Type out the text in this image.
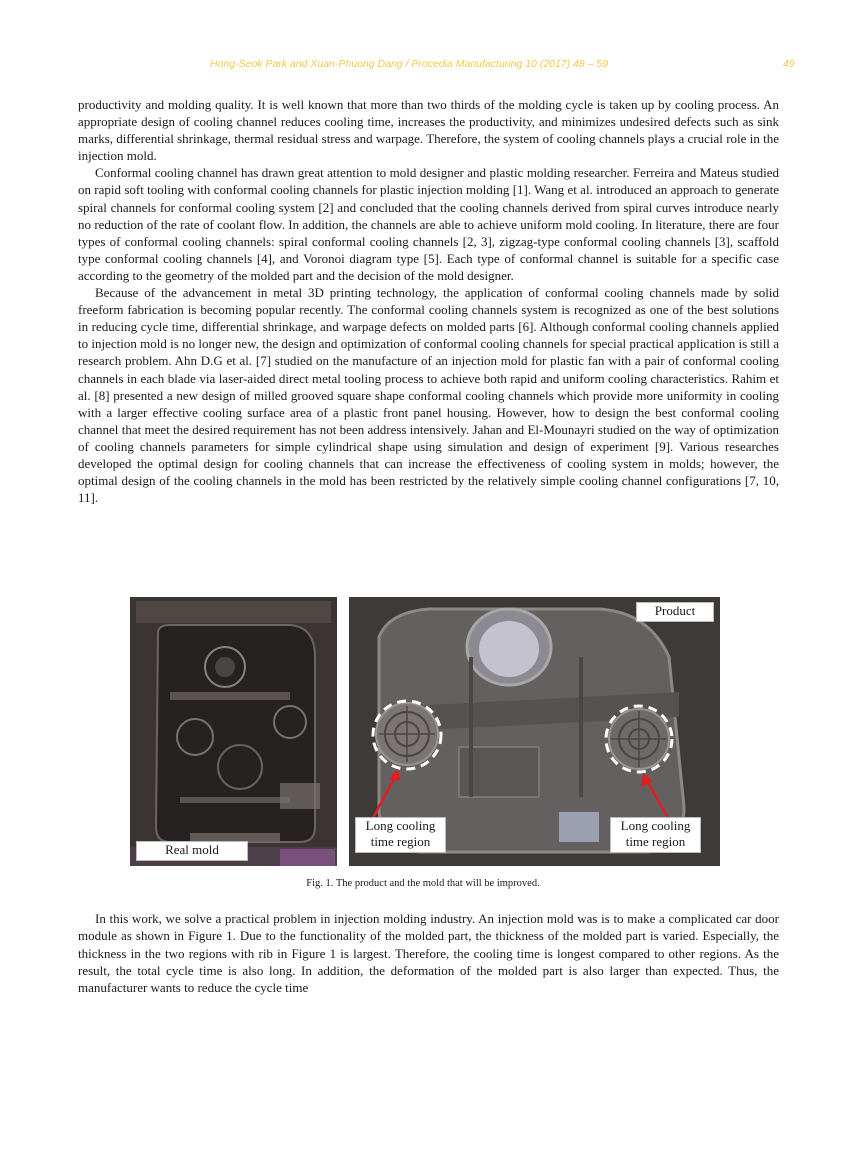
Hong-Seok Park and Xuan-Phuong Dang / Procedia Manufacturing 10 (2017) 48 – 59	49

productivity and molding quality. It is well known that more than two thirds of the molding cycle is taken up by cooling process. An appropriate design of cooling channel reduces cooling time, increases the productivity, and minimizes undesired defects such as sink marks, differential shrinkage, thermal residual stress and warpage. Therefore, the system of cooling channels plays a crucial role in the injection mold.

Conformal cooling channel has drawn great attention to mold designer and plastic molding researcher. Ferreira and Mateus studied on rapid soft tooling with conformal cooling channels for plastic injection molding [1]. Wang et al. introduced an approach to generate spiral channels for conformal cooling system [2] and concluded that the cooling channels derived from spiral curves introduce nearly no reduction of the rate of coolant flow. In addition, the channels are able to achieve uniform mold cooling. In literature, there are four types of conformal cooling channels: spiral conformal cooling channels [2, 3], zigzag-type conformal cooling channels [3], scaffold type conformal cooling channels [4], and Voronoi diagram type [5]. Each type of conformal channel is suitable for a specific case according to the geometry of the molded part and the decision of the mold designer.

Because of the advancement in metal 3D printing technology, the application of conformal cooling channels made by solid freeform fabrication is becoming popular recently. The conformal cooling channels system is recognized as one of the best solutions in reducing cycle time, differential shrinkage, and warpage defects on molded parts [6]. Although conformal cooling channels applied to injection mold is no longer new, the design and optimization of conformal cooling channels for special practical application is still a research problem. Ahn D.G et al. [7] studied on the manufacture of an injection mold for plastic fan with a pair of conformal cooling channels in each blade via laser-aided direct metal tooling process to achieve both rapid and uniform cooling characteristics. Rahim et al. [8] presented a new design of milled grooved square shape conformal cooling channels which provide more uniformity in cooling with a larger effective cooling surface area of a plastic front panel housing. However, how to design the best conformal cooling channel that meet the desired requirement has not been address intensively. Jahan and El-Mounayri studied on the way of optimization of cooling channels parameters for simple cylindrical shape using simulation and design of experiment [9]. Various researches developed the optimal design for cooling channels that can increase the effectiveness of cooling system in molds; however, the optimal design of the cooling channels in the mold has been restricted by the relatively simple cooling channel configurations [7, 10, 11].

Real mold
Product
Long cooling
time region
Long cooling
time region
Fig. 1. The product and the mold that will be improved.

In this work, we solve a practical problem in injection molding industry. An injection mold was is to make a complicated car door module as shown in Figure 1. Due to the functionality of the molded part, the thickness of the molded part is varied. Especially, the thickness in the two regions with rib in Figure 1 is largest. Therefore, the cooling time is longest compared to other regions. As the result, the total cycle time is also long. In addition, the deformation of the molded part is also larger than expected. Thus, the manufacturer wants to reduce the cycle time
